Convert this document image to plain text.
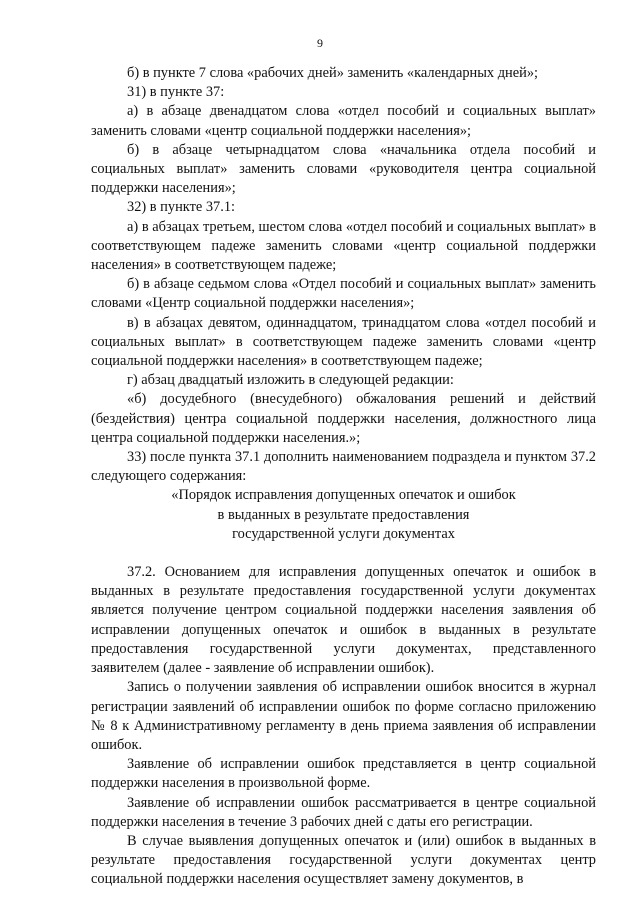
9

б) в пункте 7 слова «рабочих дней» заменить «календарных дней»;

31) в пункте 37:

а) в абзаце двенадцатом слова «отдел пособий и социальных выплат» заменить словами «центр социальной поддержки населения»;

б) в абзаце четырнадцатом слова «начальника отдела пособий и социальных выплат» заменить словами «руководителя центра социальной поддержки населения»;

32) в пункте 37.1:

а) в абзацах третьем, шестом слова «отдел пособий и социальных выплат» в соответствующем падеже заменить словами «центр социальной поддержки населения» в соответствующем падеже;

б) в абзаце седьмом слова «Отдел пособий и социальных выплат» заменить словами «Центр социальной поддержки населения»;

в) в абзацах девятом, одиннадцатом, тринадцатом слова «отдел пособий и социальных выплат» в соответствующем падеже заменить словами «центр социальной поддержки населения» в соответствующем падеже;

г) абзац двадцатый изложить в следующей редакции:

«б) досудебного (внесудебного) обжалования решений и действий (бездействия) центра социальной поддержки населения, должностного лица центра социальной поддержки населения.»;

33) после пункта 37.1 дополнить наименованием подраздела и пунктом 37.2 следующего содержания:

«Порядок исправления допущенных опечаток и ошибок

в выданных в результате предоставления

государственной услуги документах

37.2. Основанием для исправления допущенных опечаток и ошибок в выданных в результате предоставления государственной услуги документах является получение центром социальной поддержки населения заявления об исправлении допущенных опечаток и ошибок в выданных в результате предоставления государственной услуги документах, представленного заявителем (далее - заявление об исправлении ошибок).

Запись о получении заявления об исправлении ошибок вносится в журнал регистрации заявлений об исправлении ошибок по форме согласно приложению № 8 к Административному регламенту в день приема заявления об исправлении ошибок.

Заявление об исправлении ошибок представляется в центр социальной поддержки населения в произвольной форме.

Заявление об исправлении ошибок рассматривается в центре социальной поддержки населения в течение 3 рабочих дней с даты его регистрации.

В случае выявления допущенных опечаток и (или) ошибок в выданных в результате предоставления государственной услуги документах центр социальной поддержки населения осуществляет замену документов, в
